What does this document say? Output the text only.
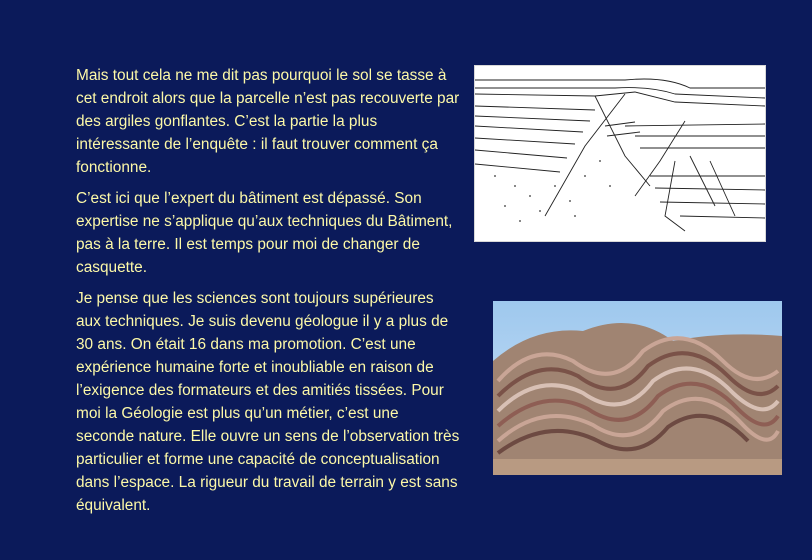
Mais tout cela ne me dit pas pourquoi le sol se tasse à cet endroit alors que la parcelle n’est pas recouverte par des argiles gonflantes. C’est la partie la plus intéressante de l’enquête : il faut trouver comment ça fonctionne.

C’est ici que l’expert du bâtiment est dépassé. Son expertise ne s’applique qu’aux techniques du Bâtiment, pas à la terre. Il est temps pour moi de changer de casquette.

Je pense que les sciences sont toujours supérieures aux techniques. Je suis devenu géologue il y a plus de 30 ans. On était 16 dans ma promotion. C’est une expérience humaine forte et inoubliable en raison de l’exigence des formateurs et des amitiés tissées. Pour moi la Géologie est plus qu’un métier, c’est une seconde nature. Elle ouvre un sens de l’observation très particulier et forme une capacité de conceptualisation dans l’espace. La rigueur du travail de terrain y est sans équivalent.
